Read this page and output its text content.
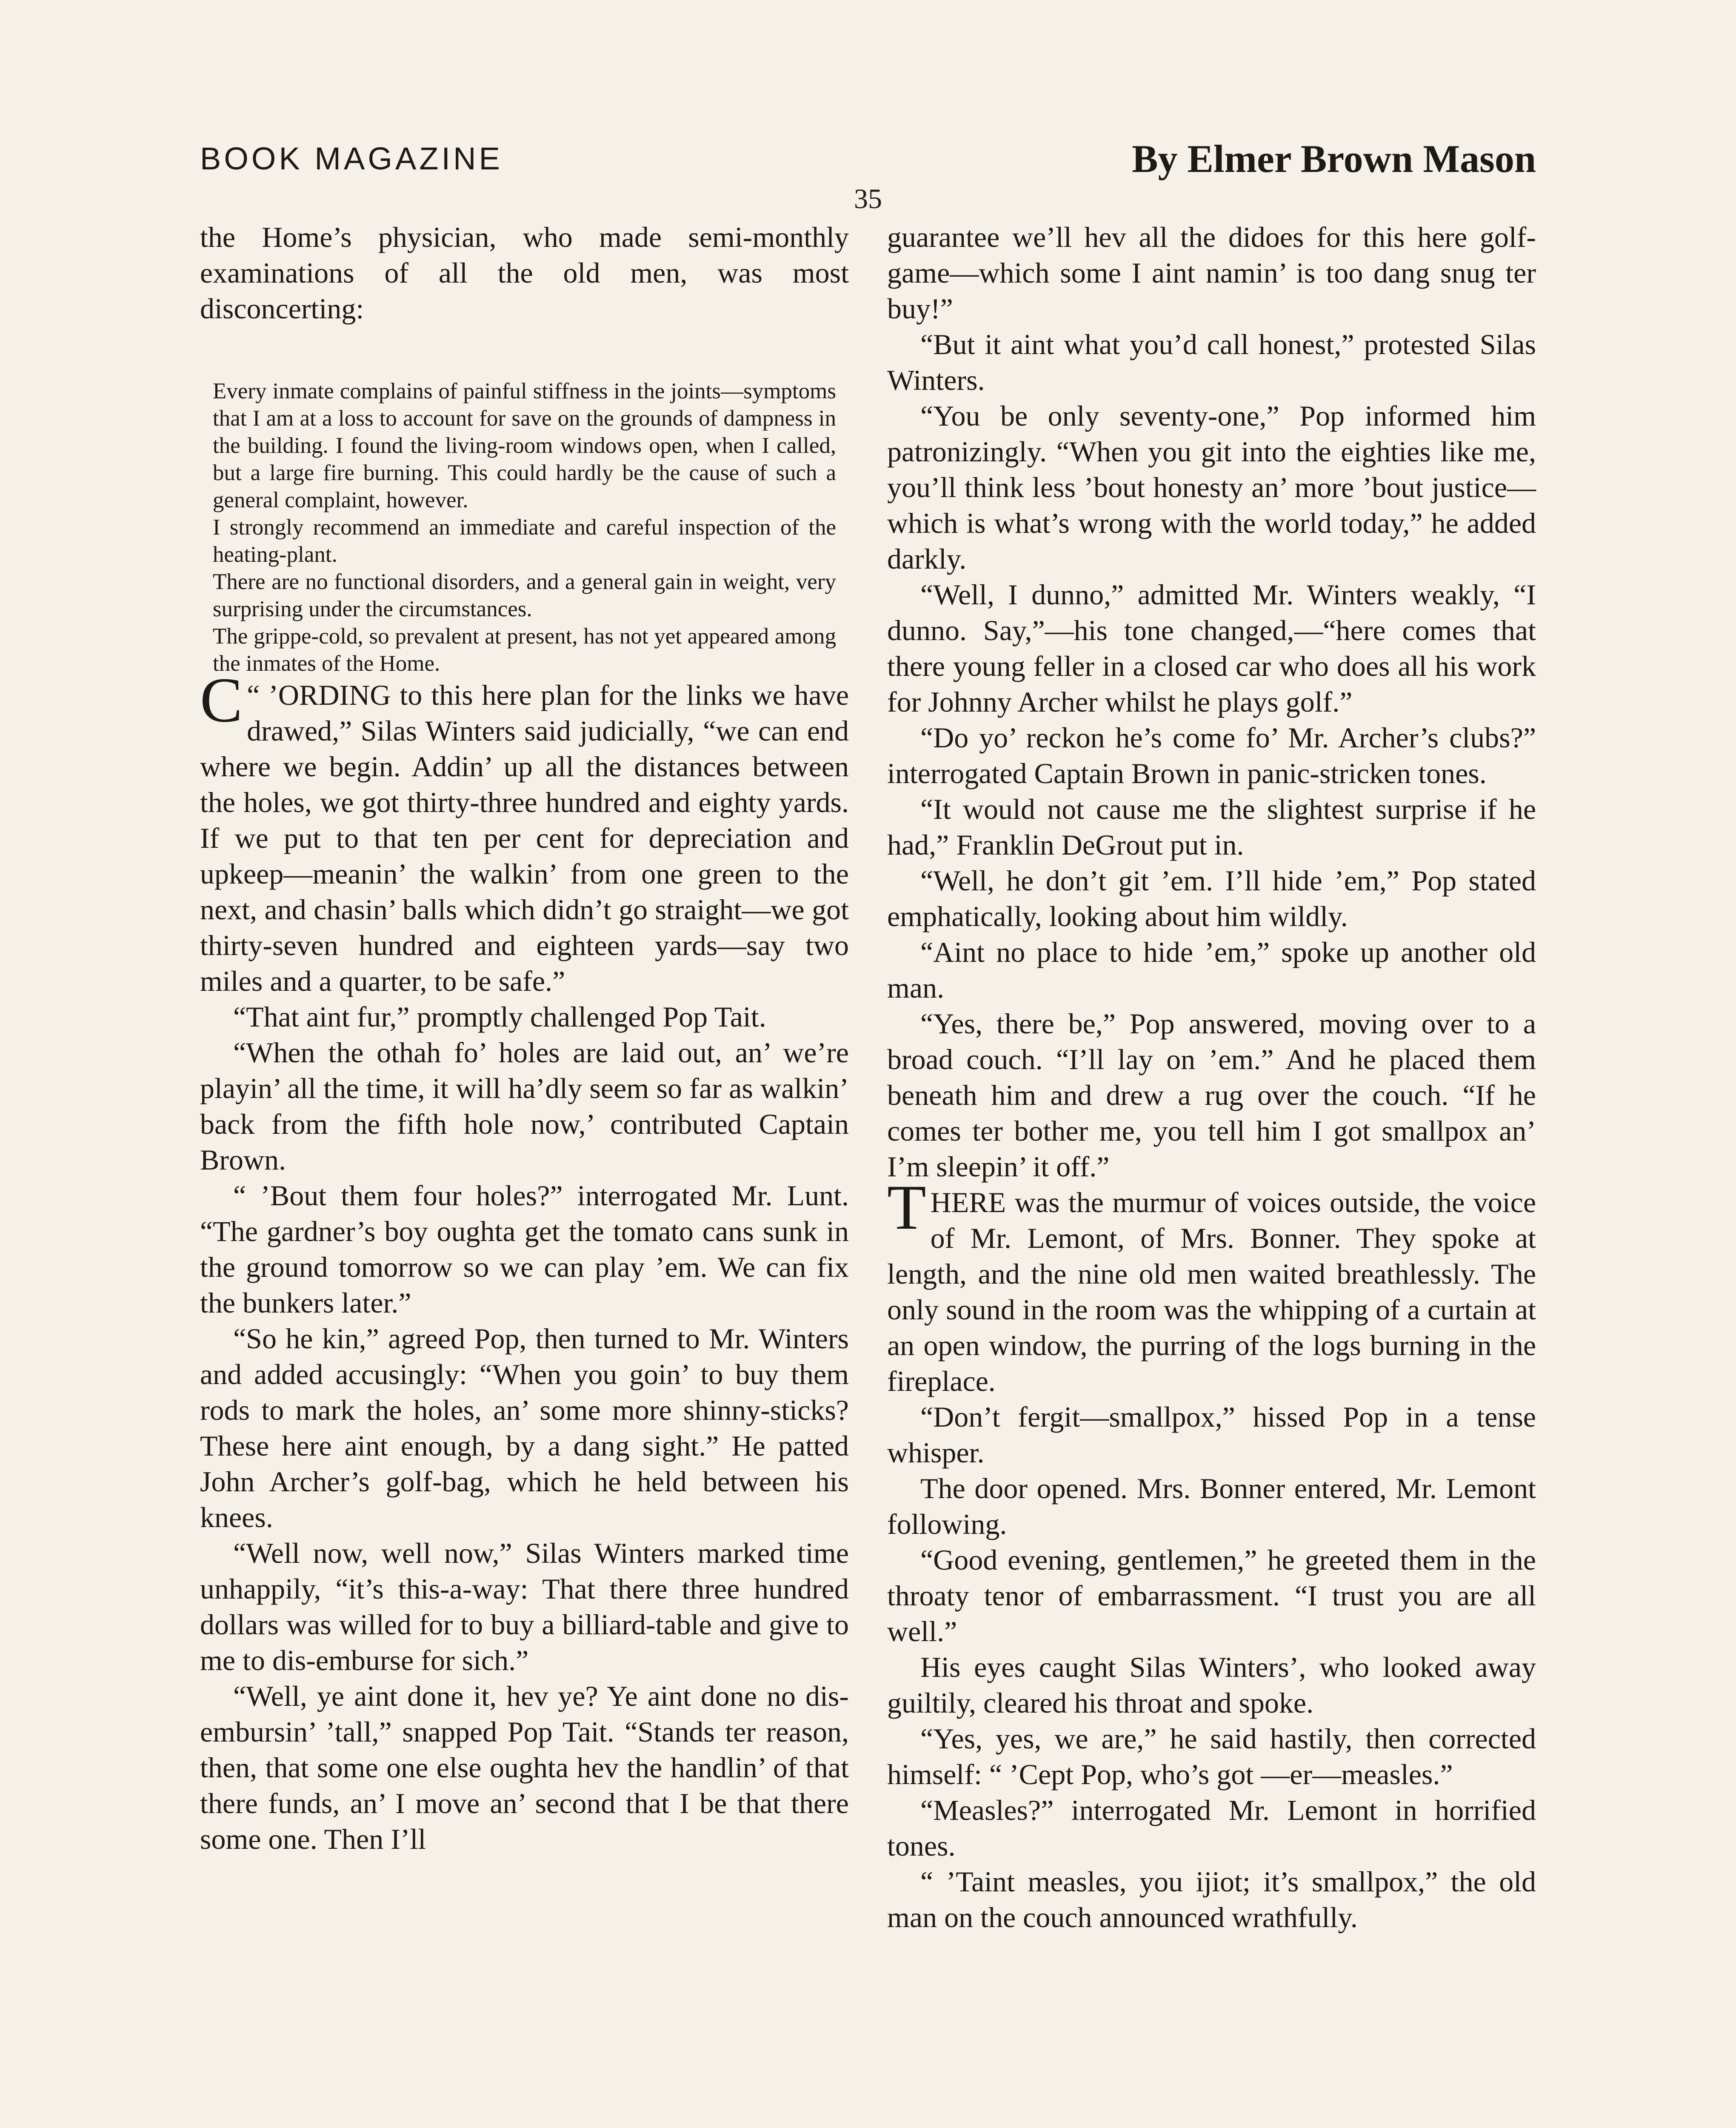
BOOK MAGAZINE	By Elmer Brown Mason
35

the Home’s physician, who made semi-monthly examinations of all the old men, was most disconcerting:

Every inmate complains of painful stiffness in the joints—symptoms that I am at a loss to account for save on the grounds of dampness in the building. I found the living-room windows open, when I called, but a large fire burning. This could hardly be the cause of such a general complaint, however.

I strongly recommend an immediate and careful inspection of the heating-plant.

There are no functional disorders, and a general gain in weight, very surprising under the circumstances.

The grippe-cold, so prevalent at present, has not yet appeared among the inmates of the Home.

“ ’
C ORDING to this here plan for the links we have drawed,” Silas Winters said judicially, “we can end where we begin. Addin’ up all the distances between the holes, we got thirty-three hundred and eighty yards. If we put to that ten per cent for depreciation and upkeep—meanin’ the walkin’ from one green to the next, and chasin’ balls which didn’t go straight—we got thirty-seven hundred and eighteen yards—say two miles and a quarter, to be safe.”

“That aint fur,” promptly challenged Pop Tait.

“When the othah fo’ holes are laid out, an’ we’re playin’ all the time, it will ha’dly seem so far as walkin’ back from the fifth hole now,’ contributed Captain Brown.

“ ’Bout them four holes?” interrogated Mr. Lunt. “The gardner’s boy oughta get the tomato cans sunk in the ground tomorrow so we can play ’em. We can fix the bunkers later.”

“So he kin,” agreed Pop, then turned to Mr. Winters and added accusingly: “When you goin’ to buy them rods to mark the holes, an’ some more shinny-sticks? These here aint enough, by a dang sight.” He patted John Archer’s golf-bag, which he held between his knees.

“Well now, well now,” Silas Winters marked time unhappily, “it’s this-a-way: That there three hundred dollars was willed for to buy a billiard-table and give to me to dis-emburse for sich.”

“Well, ye aint done it, hev ye? Ye aint done no dis-embursin’ ’tall,” snapped Pop Tait. “Stands ter reason, then, that some one else oughta hev the handlin’ of that there funds, an’ I move an’ second that I be that there some one. Then I’ll

guarantee we’ll hev all the didoes for this here golf-game—which some I aint namin’ is too dang snug ter buy!”

“But it aint what you’d call honest,” protested Silas Winters.

“You be only seventy-one,” Pop informed him patronizingly. “When you git into the eighties like me, you’ll think less ’bout honesty an’ more ’bout justice—which is what’s wrong with the world today,” he added darkly.

“Well, I dunno,” admitted Mr. Winters weakly, “I dunno. Say,”—his tone changed,—“here comes that there young feller in a closed car who does all his work for Johnny Archer whilst he plays golf.”

“Do yo’ reckon he’s come fo’ Mr. Archer’s clubs?” interrogated Captain Brown in panic-stricken tones.

“It would not cause me the slightest surprise if he had,” Franklin DeGrout put in.

“Well, he don’t git ’em. I’ll hide ’em,” Pop stated emphatically, looking about him wildly.

“Aint no place to hide ’em,” spoke up another old man.

“Yes, there be,” Pop answered, moving over to a broad couch. “I’ll lay on ’em.” And he placed them beneath him and drew a rug over the couch. “If he comes ter bother me, you tell him I got smallpox an’ I’m sleepin’ it off.”

THERE was the murmur of voices outside, the voice of Mr. Lemont, of Mrs. Bonner. They spoke at length, and the nine old men waited breathlessly. The only sound in the room was the whipping of a curtain at an open window, the purring of the logs burning in the fireplace.

“Don’t fergit—smallpox,” hissed Pop in a tense whisper.

The door opened. Mrs. Bonner entered, Mr. Lemont following.

“Good evening, gentlemen,” he greeted them in the throaty tenor of embarrassment. “I trust you are all well.”

His eyes caught Silas Winters’, who looked away guiltily, cleared his throat and spoke.

“Yes, yes, we are,” he said hastily, then corrected himself: “ ’Cept Pop, who’s got —er—measles.”

“Measles?” interrogated Mr. Lemont in horrified tones.

“ ’Taint measles, you ijiot; it’s smallpox,” the old man on the couch announced wrathfully.
